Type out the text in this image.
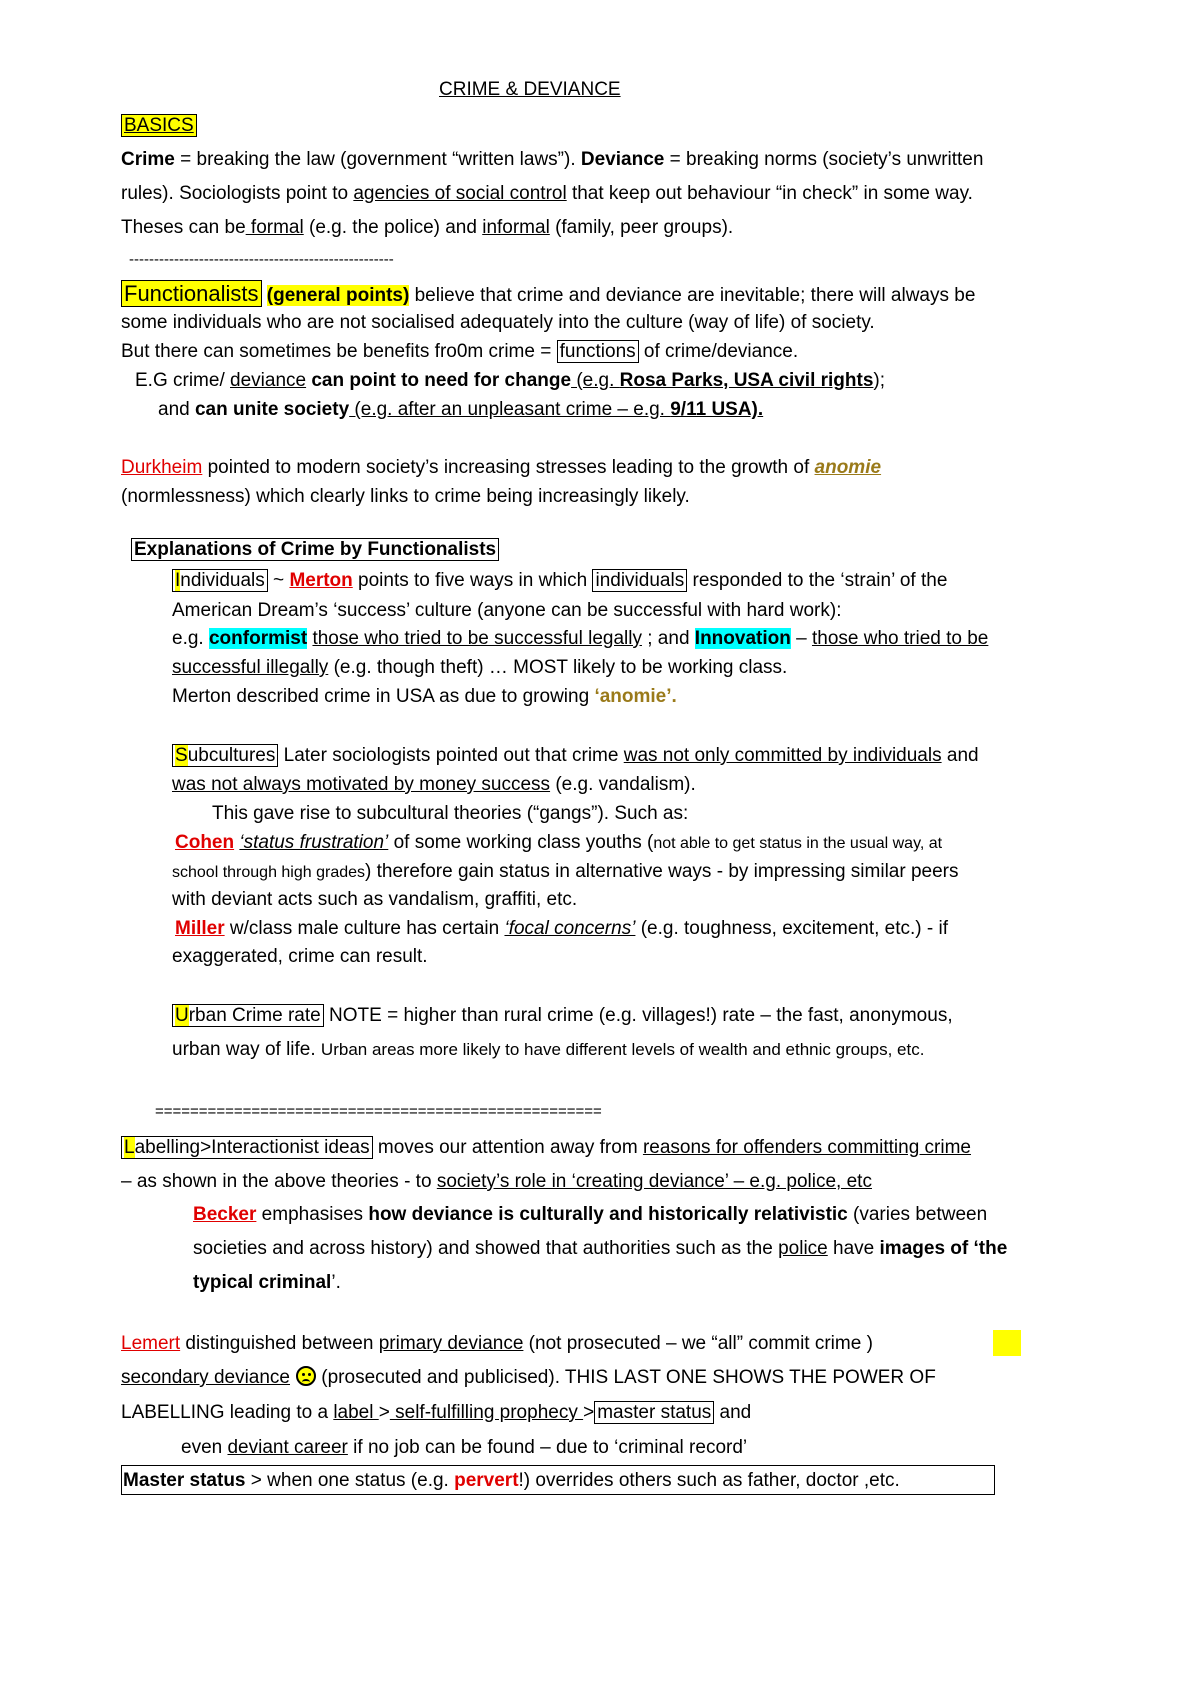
CRIME & DEVIANCE
BASICS
Crime = breaking the law (government “written laws”). Deviance = breaking norms (society’s unwritten
rules). Sociologists point to agencies of social control that keep out behaviour “in check” in some way.
Theses can be formal (e.g. the police) and informal (family, peer groups).
-----------------------------------------------------
Functionalists (general points) believe that crime and deviance are inevitable; there will always be
some individuals who are not socialised adequately into the culture (way of life) of society.
But there can sometimes be benefits fro0m crime = functions of crime/deviance.
E.G crime/ deviance can point to need for change (e.g. Rosa Parks, USA civil rights);
and can unite society (e.g. after an unpleasant crime – e.g. 9/11 USA).
Durkheim pointed to modern society’s increasing stresses leading to the growth of anomie
(normlessness) which clearly links to crime being increasingly likely.
Explanations of Crime by Functionalists
Individuals ~ Merton points to five ways in which individuals responded to the ‘strain’ of the
American Dream’s ‘success’ culture (anyone can be successful with hard work):
e.g. conformist those who tried to be successful legally ; and Innovation – those who tried to be
successful illegally (e.g. though theft) … MOST likely to be working class.
Merton described crime in USA as due to growing ‘anomie’.
Subcultures Later sociologists pointed out that crime was not only committed by individuals and
was not always motivated by money success (e.g. vandalism).
This gave rise to subcultural theories (“gangs”). Such as:
Cohen ‘status frustration’ of some working class youths (not able to get status in the usual way, at
school through high grades) therefore gain status in alternative ways - by impressing similar peers
with deviant acts such as vandalism, graffiti, etc.
Miller w/class male culture has certain ‘focal concerns’ (e.g. toughness, excitement, etc.) - if
exaggerated, crime can result.
Urban Crime rate NOTE = higher than rural crime (e.g. villages!) rate – the fast, anonymous,
urban way of life. Urban areas more likely to have different levels of wealth and ethnic groups, etc.
===================================================
Labelling>Interactionist ideas moves our attention away from reasons for offenders committing crime
– as shown in the above theories - to society’s role in ‘creating deviance’ – e.g. police, etc
Becker emphasises how deviance is culturally and historically relativistic (varies between
societies and across history) and showed that authorities such as the police have images of ‘the
typical criminal’.
Lemert distinguished between primary deviance (not prosecuted – we “all” commit crime )
secondary deviance (prosecuted and publicised). THIS LAST ONE SHOWS THE POWER OF
LABELLING leading to a label > self-fulfilling prophecy > master status and
even deviant career if no job can be found – due to ‘criminal record’
Master status > when one status (e.g. pervert!) overrides others such as father, doctor ,etc.
